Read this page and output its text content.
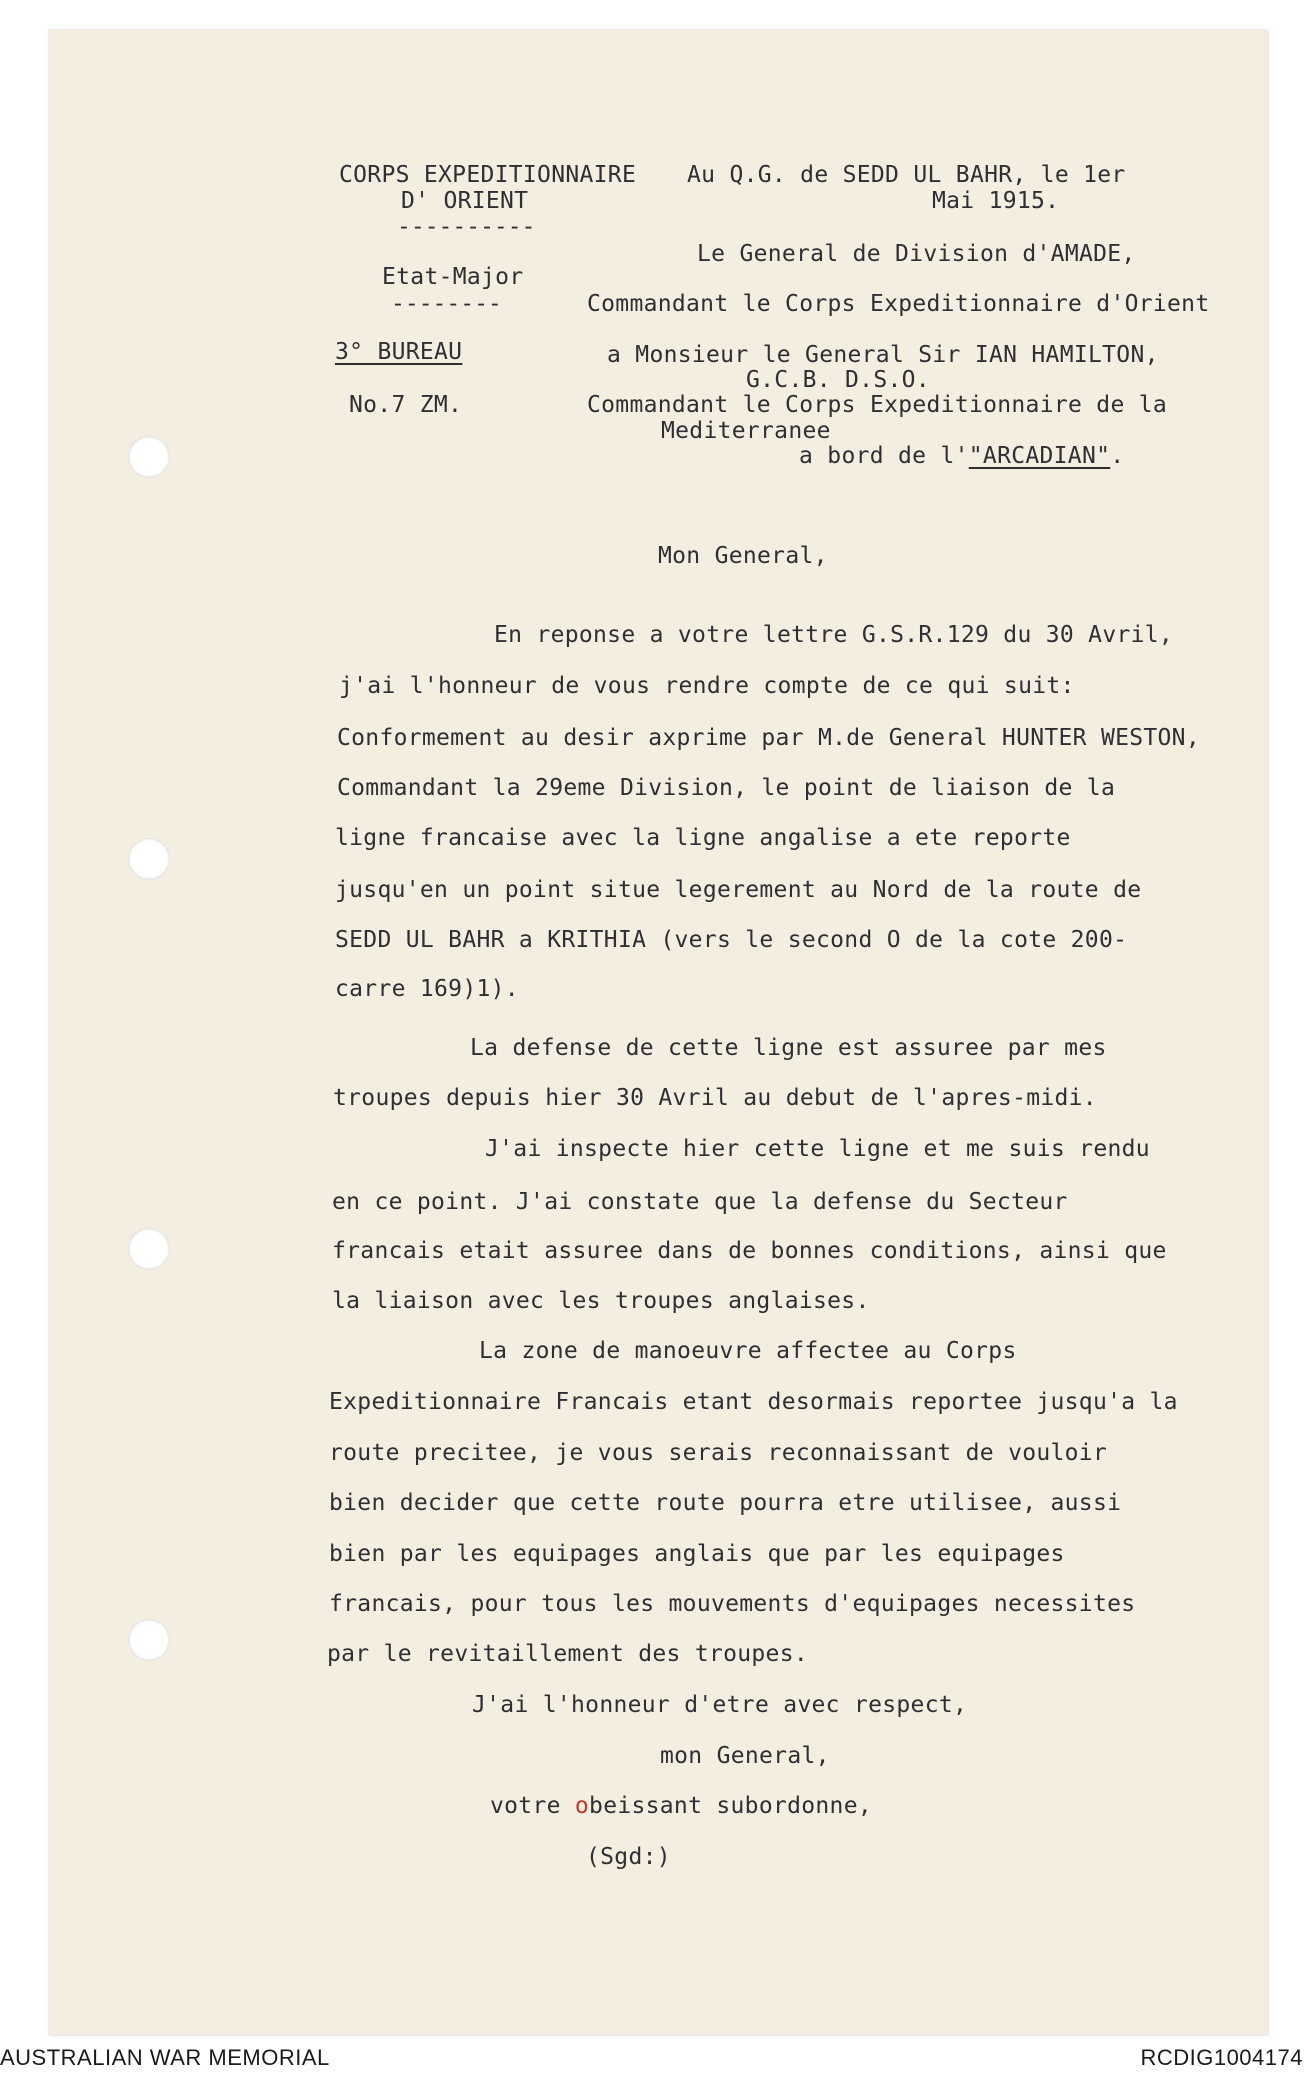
CORPS EXPEDITIONNAIRE
D' ORIENT
----------
Etat-Major
--------
3° BUREAU
No.7 ZM.
Au Q.G. de SEDD UL BAHR, le 1er
Mai 1915.
Le General de Division d'AMADE,
Commandant le Corps Expeditionnaire d'Orient
a Monsieur le General Sir IAN HAMILTON,
G.C.B. D.S.O.
Commandant le Corps Expeditionnaire de la
Mediterranee
a bord de l'"ARCADIAN".
Mon General,
En reponse a votre lettre G.S.R.129 du 30 Avril,
j'ai l'honneur de vous rendre compte de ce qui suit:
Conformement au desir axprime par M.de General HUNTER WESTON,
Commandant la 29eme Division, le point de liaison de la
ligne francaise avec la ligne angalise a ete reporte
jusqu'en un point situe legerement au Nord de la route de
SEDD UL BAHR a KRITHIA (vers le second O de la cote 200-
carre 169)1).
La defense de cette ligne est assuree par mes
troupes depuis hier 30 Avril au debut de l'apres-midi.
J'ai inspecte hier cette ligne et me suis rendu
en ce point. J'ai constate que la defense du Secteur
francais etait assuree dans de bonnes conditions, ainsi que
la liaison avec les troupes anglaises.
La zone de manoeuvre affectee au Corps
Expeditionnaire Francais etant desormais reportee jusqu'a la
route precitee, je vous serais reconnaissant de vouloir
bien decider que cette route pourra etre utilisee, aussi
bien par les equipages anglais que par les equipages
francais, pour tous les mouvements d'equipages necessites
par le revitaillement des troupes.
J'ai l'honneur d'etre avec respect,
mon General,
votre obeissant subordonne,
(Sgd:)
AUSTRALIAN WAR MEMORIAL	RCDIG1004174
